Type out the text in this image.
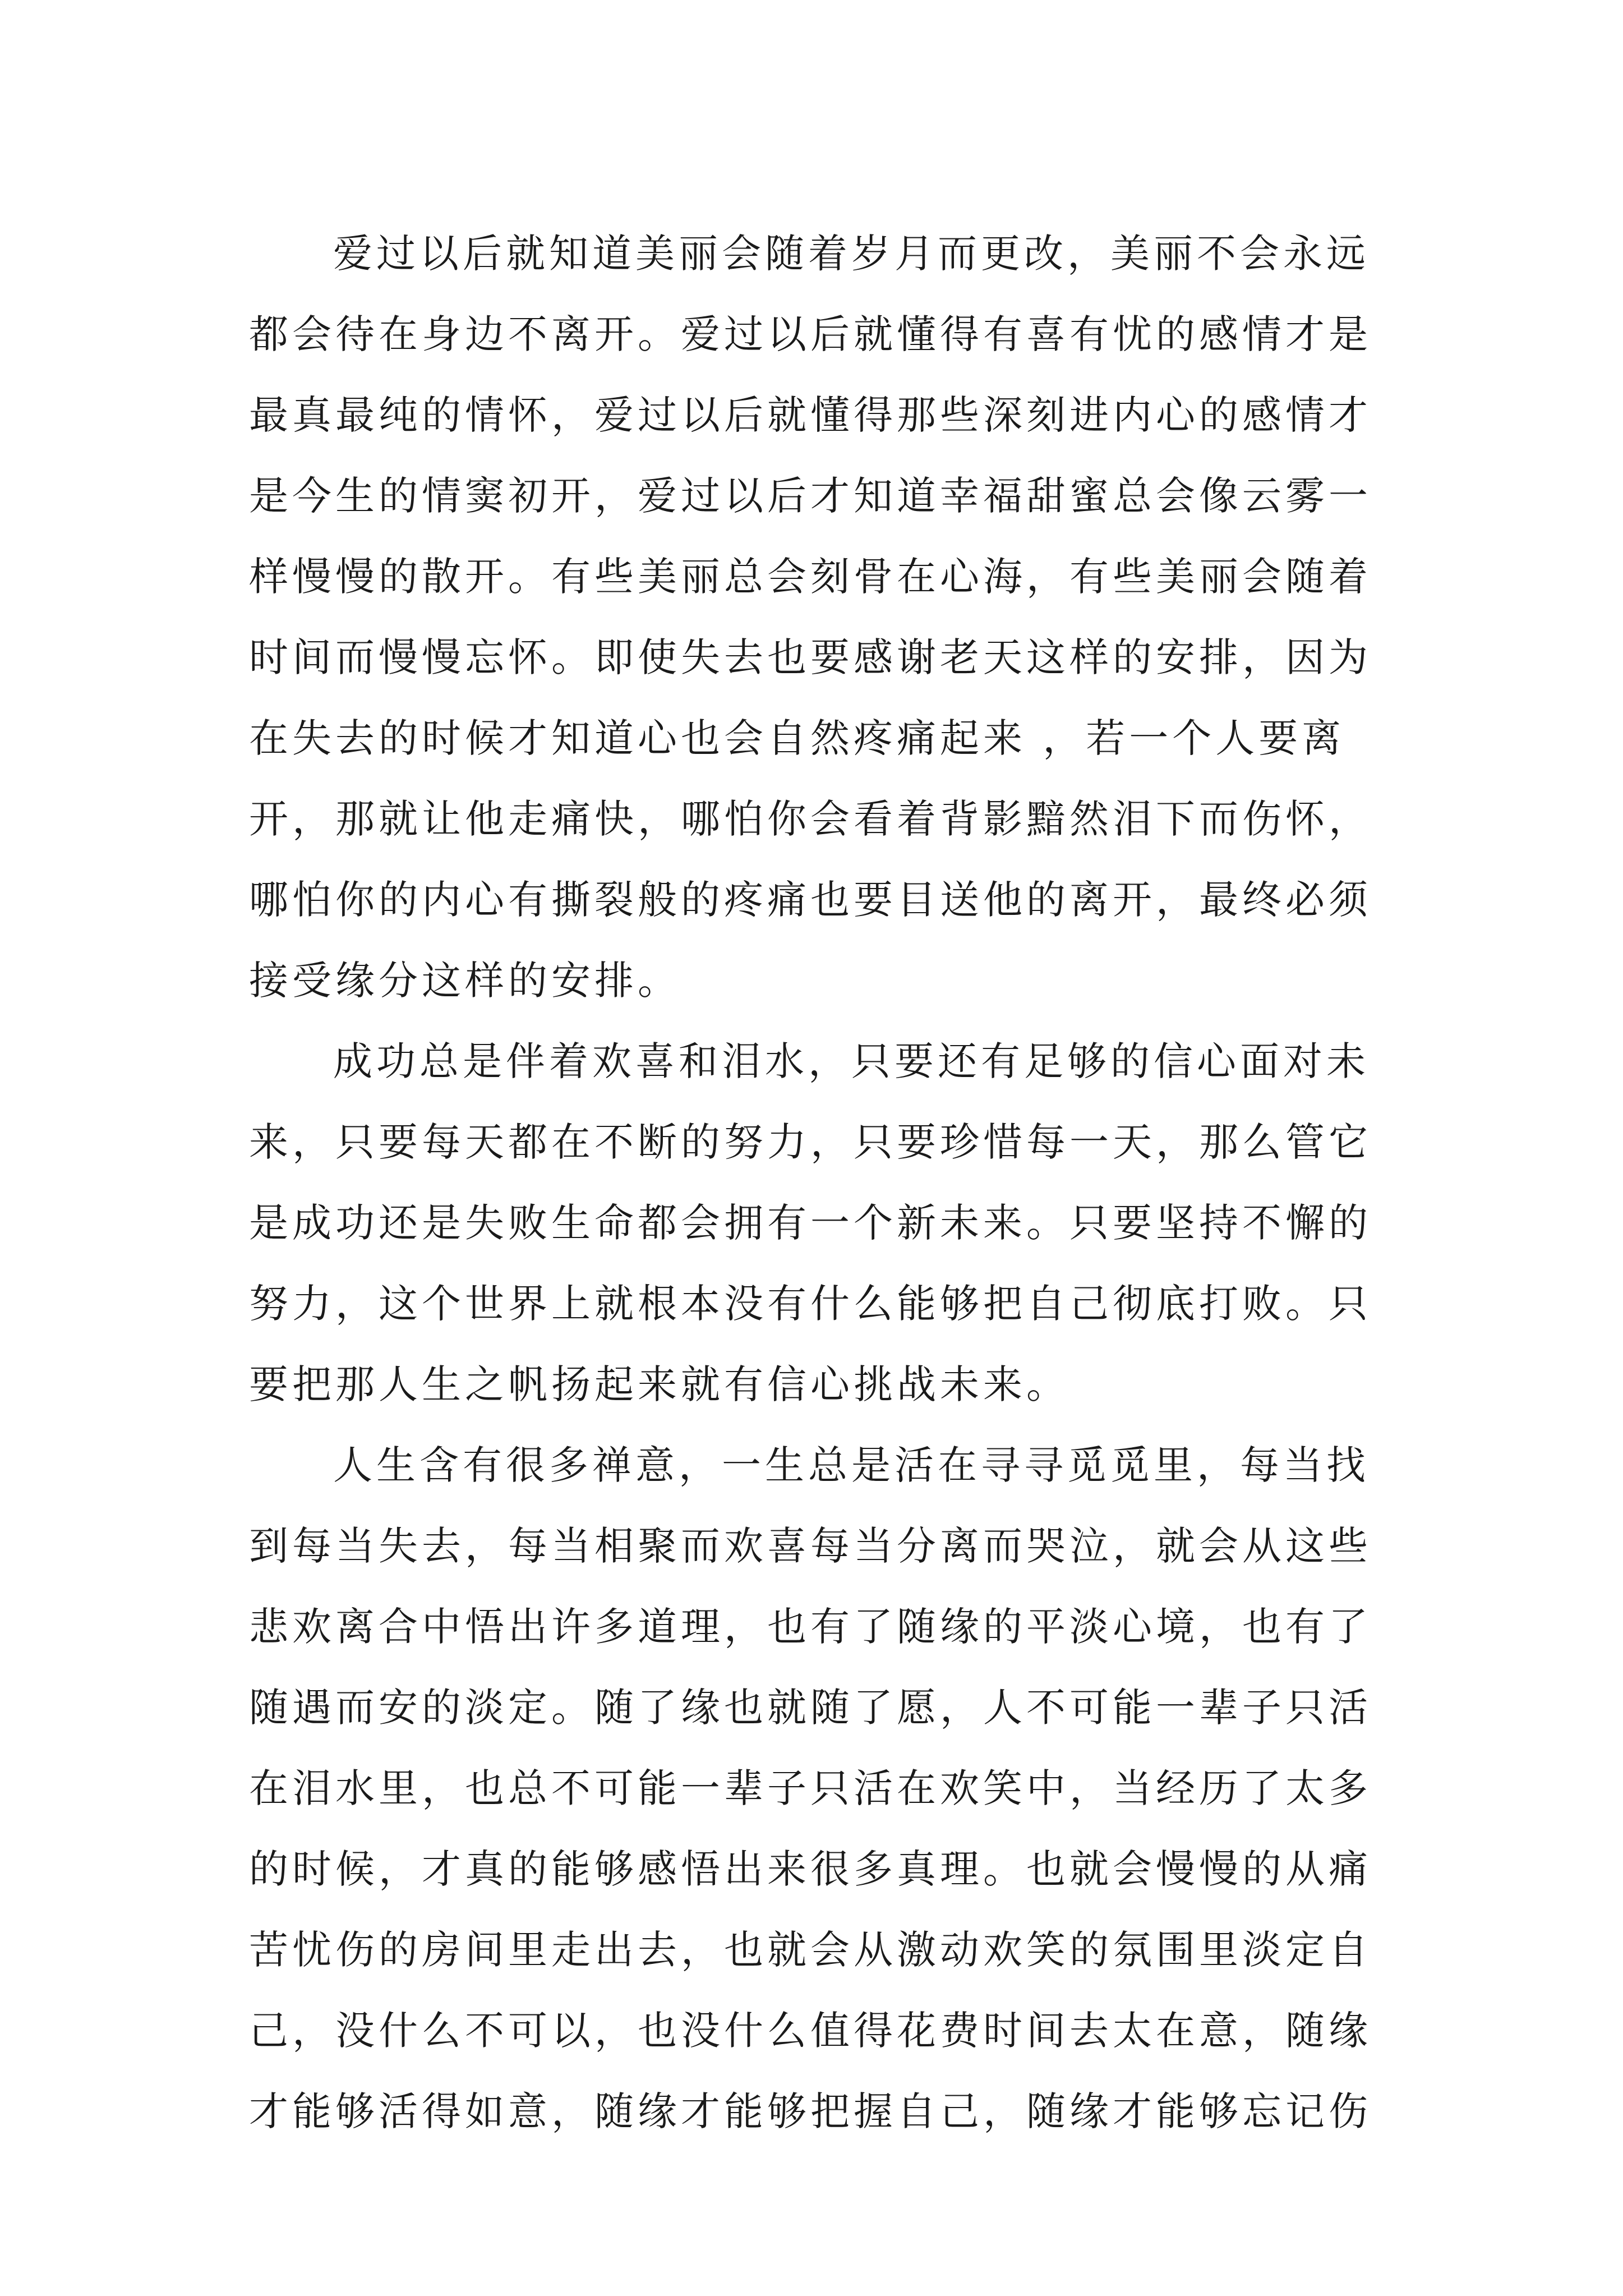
爱过以后就知道美丽会随着岁月而更改，美丽不会永远
都会待在身边不离开。爱过以后就懂得有喜有忧的感情才是
最真最纯的情怀，爱过以后就懂得那些深刻进内心的感情才
是今生的情窦初开，爱过以后才知道幸福甜蜜总会像云雾一
样慢慢的散开。有些美丽总会刻骨在心海，有些美丽会随着
时间而慢慢忘怀。即使失去也要感谢老天这样的安排，因为
在失去的时候才知道心也会自然疼痛起来 ，若一个人要离
开，那就让他走痛快，哪怕你会看着背影黯然泪下而伤怀，
哪怕你的内心有撕裂般的疼痛也要目送他的离开，最终必须
接受缘分这样的安排。
成功总是伴着欢喜和泪水，只要还有足够的信心面对未
来，只要每天都在不断的努力，只要珍惜每一天，那么管它
是成功还是失败生命都会拥有一个新未来。只要坚持不懈的
努力，这个世界上就根本没有什么能够把自己彻底打败。只
要把那人生之帆扬起来就有信心挑战未来。
人生含有很多禅意，一生总是活在寻寻觅觅里，每当找
到每当失去，每当相聚而欢喜每当分离而哭泣，就会从这些
悲欢离合中悟出许多道理，也有了随缘的平淡心境，也有了
随遇而安的淡定。随了缘也就随了愿，人不可能一辈子只活
在泪水里，也总不可能一辈子只活在欢笑中，当经历了太多
的时候，才真的能够感悟出来很多真理。也就会慢慢的从痛
苦忧伤的房间里走出去，也就会从激动欢笑的氛围里淡定自
己，没什么不可以，也没什么值得花费时间去太在意，随缘
才能够活得如意，随缘才能够把握自己，随缘才能够忘记伤
